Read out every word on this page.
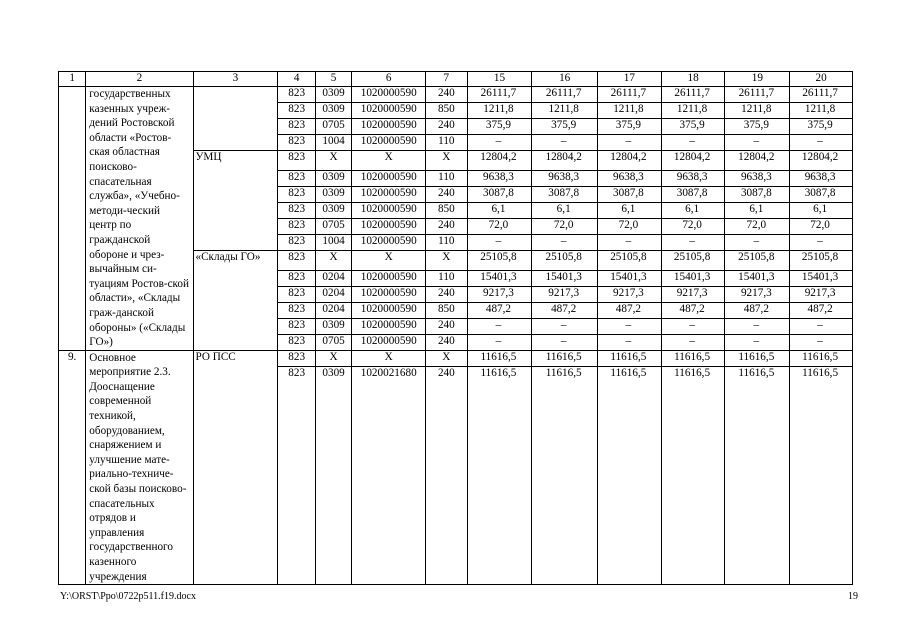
1	2	3	4	5	6	7	15	16	17	18	19	20
	государственных казенных учреж-дений Ростовской области «Ростов-ская областная поисково-спасательная служба», «Учебно-методи-ческий центр по гражданской обороне и чрез-вычайным си-туациям Ростов-ской области», «Склады граж-данской обороны» («Склады ГО»)		823	0309	1020000590	240	26111,7	26111,7	26111,7	26111,7	26111,7	26111,7
			823	0309	1020000590	850	1211,8	1211,8	1211,8	1211,8	1211,8	1211,8
			823	0705	1020000590	240	375,9	375,9	375,9	375,9	375,9	375,9
			823	1004	1020000590	110	–	–	–	–	–	–
		УМЦ	823	Х	Х	Х	12804,2	12804,2	12804,2	12804,2	12804,2	12804,2
			823	0309	1020000590	110	9638,3	9638,3	9638,3	9638,3	9638,3	9638,3
			823	0309	1020000590	240	3087,8	3087,8	3087,8	3087,8	3087,8	3087,8
			823	0309	1020000590	850	6,1	6,1	6,1	6,1	6,1	6,1
			823	0705	1020000590	240	72,0	72,0	72,0	72,0	72,0	72,0
			823	1004	1020000590	110	–	–	–	–	–	–
		«Склады ГО»	823	Х	Х	Х	25105,8	25105,8	25105,8	25105,8	25105,8	25105,8
			823	0204	1020000590	110	15401,3	15401,3	15401,3	15401,3	15401,3	15401,3
			823	0204	1020000590	240	9217,3	9217,3	9217,3	9217,3	9217,3	9217,3
			823	0204	1020000590	850	487,2	487,2	487,2	487,2	487,2	487,2
			823	0309	1020000590	240	–	–	–	–	–	–
			823	0705	1020000590	240	–	–	–	–	–	–
9.	Основное мероприятие 2.3. Дооснащение современной техникой, оборудованием, снаряжением и улучшение мате-риально-техниче-ской базы поисково-спасательных отрядов и управления государственного казенного учреждения	РО ПСС	823	Х	Х	Х	11616,5	11616,5	11616,5	11616,5	11616,5	11616,5
			823	0309	1020021680	240	11616,5	11616,5	11616,5	11616,5	11616,5	11616,5
Y:\ORST\Ppo\0722p511.f19.docx	19
